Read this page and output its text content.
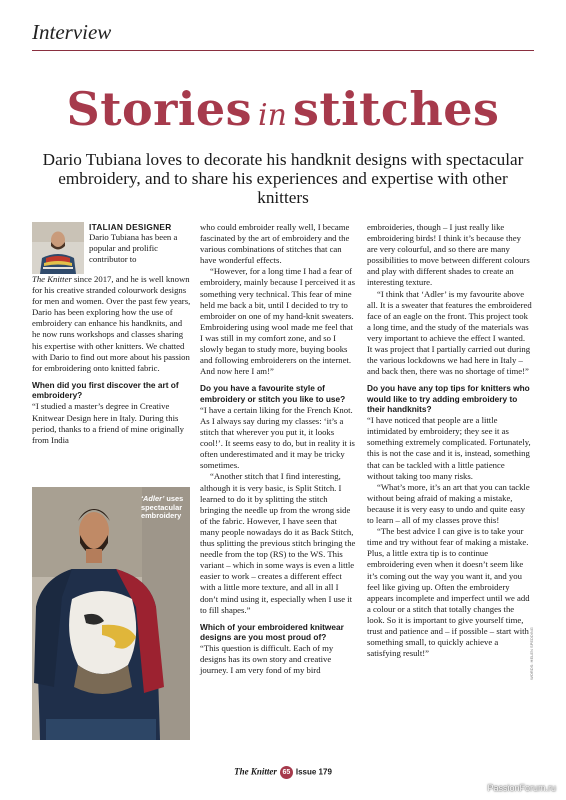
Interview
Stories in stitches
Dario Tubiana loves to decorate his handknit designs with spectacular embroidery, and to share his experiences and expertise with other knitters
ITALIAN DESIGNER
Dario Tubiana has been a popular and prolific contributor to

The Knitter since 2017, and he is well known for his creative stranded colourwork designs for men and women. Over the past few years, Dario has been exploring how the use of embroidery can enhance his handknits, and he now runs workshops and classes sharing his expertise with other knitters. We chatted with Dario to find out more about his passion for embroidering onto knitted fabric.

When did you first discover the art of embroidery?

“I studied a master’s degree in Creative Knitwear Design here in Italy. During this period, thanks to a friend of mine originally from India

‘Adler’ uses spectacular embroidery

who could embroider really well, I became fascinated by the art of embroidery and the various combinations of stitches that can have wonderful effects.

“However, for a long time I had a fear of embroidery, mainly because I perceived it as something very technical. This fear of mine held me back a bit, until I decided to try to embroider on one of my hand-knit sweaters. Embroidering using wool made me feel that I was still in my comfort zone, and so I slowly began to study more, buying books and following embroiderers on the internet. And now here I am!”

Do you have a favourite style of embroidery or stitch you like to use?

“I have a certain liking for the French Knot. As I always say during my classes: ‘it’s a stitch that wherever you put it, it looks cool!’. It seems easy to do, but in reality it is often underestimated and it may be tricky sometimes.

“Another stitch that I find interesting, although it is very basic, is Split Stitch. I learned to do it by splitting the stitch bringing the needle up from the wrong side of the fabric. However, I have seen that many people nowadays do it as Back Stitch, thus splitting the previous stitch bringing the needle from the top (RS) to the WS. This variant – which in some ways is even a little easier to work – creates a different effect with a little more texture, and all in all I don’t mind using it, especially when I use it to fill shapes.”

Which of your embroidered knitwear designs are you most proud of?

“This question is difficult. Each of my designs has its own story and creative journey. I am very fond of my bird

embroideries, though – I just really like embroidering birds! I think it’s because they are very colourful, and so there are many possibilities to move between different colours and play with different shades to create an interesting texture.

“I think that ‘Adler’ is my favourite above all. It is a sweater that features the embroidered face of an eagle on the front. This project took a long time, and the study of the materials was very important to achieve the effect I wanted. It was project that I partially carried out during the various lockdowns we had here in Italy – and back then, there was no shortage of time!”

Do you have any top tips for knitters who would like to try adding embroidery to their handknits?

“I have noticed that people are a little intimidated by embroidery; they see it as something extremely complicated. Fortunately, this is not the case and it is, instead, something that can be tackled with a little patience without taking too many risks.

“What’s more, it’s an art that you can tackle without being afraid of making a mistake, because it is very easy to undo and quite easy to learn – all of my classes prove this!

“The best advice I can give is to take your time and try without fear of making a mistake. Plus, a little extra tip is to continue embroidering even when it doesn’t seem like it’s coming out the way you want it, and you feel like giving up. Often the embroidery appears incomplete and imperfect until we add a colour or a stitch that totally changes the look. So it is important to give yourself time, trust and patience and – if possible – start with something small, to quickly achieve a satisfying result!”	WORDS: HELEN SPEDDING
The Knitter 65 Issue 179
PassionForum.ru
